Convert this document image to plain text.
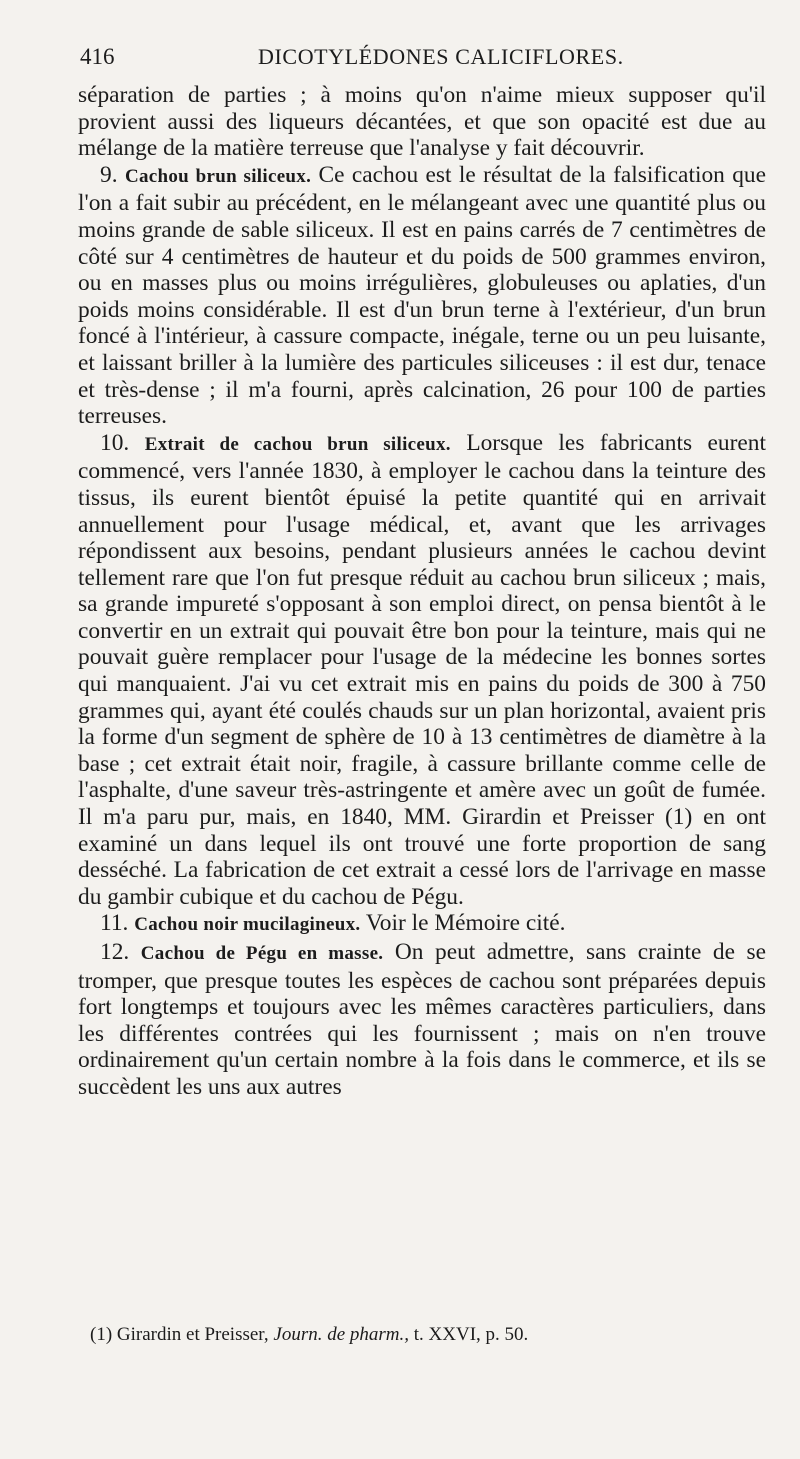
416	DICOTYLÉDONES CALICIFLORES.

séparation de parties ; à moins qu'on n'aime mieux supposer qu'il provient aussi des liqueurs décantées, et que son opacité est due au mélange de la matière terreuse que l'analyse y fait découvrir.

9. Cachou brun siliceux. Ce cachou est le résultat de la falsification que l'on a fait subir au précédent, en le mélangeant avec une quantité plus ou moins grande de sable siliceux. Il est en pains carrés de 7 centimètres de côté sur 4 centimètres de hauteur et du poids de 500 grammes environ, ou en masses plus ou moins irrégulières, globuleuses ou aplaties, d'un poids moins considérable. Il est d'un brun terne à l'extérieur, d'un brun foncé à l'intérieur, à cassure compacte, inégale, terne ou un peu luisante, et laissant briller à la lumière des particules siliceuses : il est dur, tenace et très-dense ; il m'a fourni, après calcination, 26 pour 100 de parties terreuses.

10. Extrait de cachou brun siliceux. Lorsque les fabricants eurent commencé, vers l'année 1830, à employer le cachou dans la teinture des tissus, ils eurent bientôt épuisé la petite quantité qui en arrivait annuellement pour l'usage médical, et, avant que les arrivages répondissent aux besoins, pendant plusieurs années le cachou devint tellement rare que l'on fut presque réduit au cachou brun siliceux ; mais, sa grande impureté s'opposant à son emploi direct, on pensa bientôt à le convertir en un extrait qui pouvait être bon pour la teinture, mais qui ne pouvait guère remplacer pour l'usage de la médecine les bonnes sortes qui manquaient. J'ai vu cet extrait mis en pains du poids de 300 à 750 grammes qui, ayant été coulés chauds sur un plan horizontal, avaient pris la forme d'un segment de sphère de 10 à 13 centimètres de diamètre à la base ; cet extrait était noir, fragile, à cassure brillante comme celle de l'asphalte, d'une saveur très-astringente et amère avec un goût de fumée. Il m'a paru pur, mais, en 1840, MM. Girardin et Preisser (1) en ont examiné un dans lequel ils ont trouvé une forte proportion de sang desséché. La fabrication de cet extrait a cessé lors de l'arrivage en masse du gambir cubique et du cachou de Pégu.

11. Cachou noir mucilagineux. Voir le Mémoire cité.

12. Cachou de Pégu en masse. On peut admettre, sans crainte de se tromper, que presque toutes les espèces de cachou sont préparées depuis fort longtemps et toujours avec les mêmes caractères particuliers, dans les différentes contrées qui les fournissent ; mais on n'en trouve ordinairement qu'un certain nombre à la fois dans le commerce, et ils se succèdent les uns aux autres

(1) Girardin et Preisser, Journ. de pharm., t. XXVI, p. 50.
